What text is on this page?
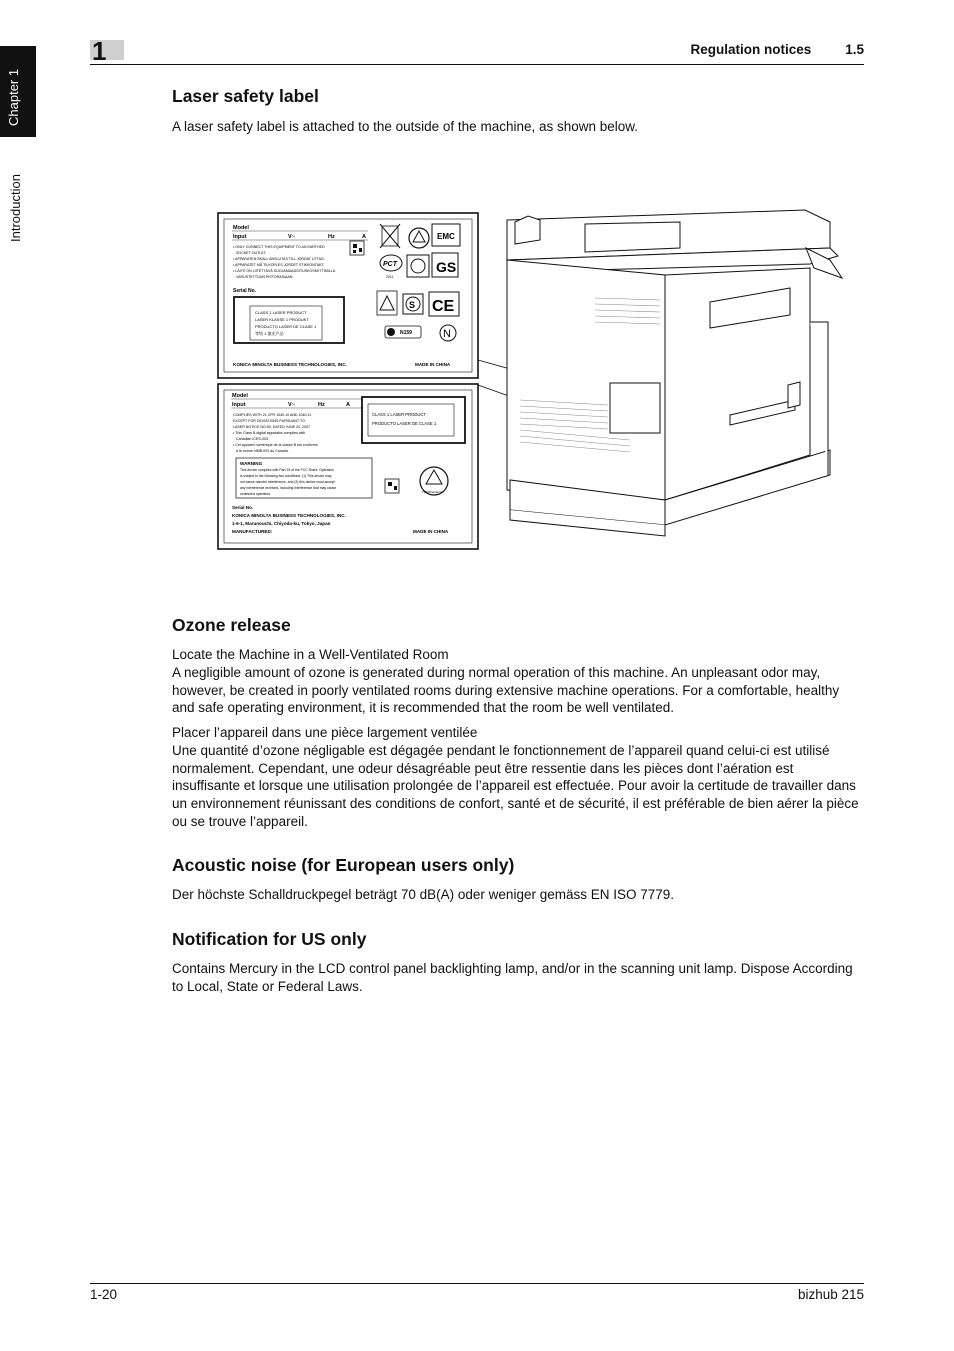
Chapter 1
Introduction
1	Regulation notices	1.5
Laser safety label

A laser safety label is attached to the outside of the machine, as shown below.

Model
Input	V~	Hz	A
• ONLY CONNECT THIS EQUIPMENT TO AN EARTHED
SOCKET OUTLET.
• APPARATEN SKALL ANSLUTAS TILL JORDAT UTTAG.
• APPARATET MÅ TILKOPLES JORDET STIKKONTAKT.
• LAITE ON LIITETTÄVÄ SUOJAMAADOITUSKOSKETTIMILLA
VARUSTETTUUN PISTORASIAAN.
Serial No.
CLASS 1 LASER PRODUCT
LASER KLASSE 1 PRODUKT
PRODUCTO LASER DE CLASE 1
等级 1 激光产品
KONICA MINOLTA BUSINESS TECHNOLOGIES, INC.	MADE IN CHINA
EMC
PCT
2011
GS
S CE
N159	N
Model
Input	V~	Hz	A
COMPLIES WITH 21 CFR 1040.10 AND 1040.11
EXCEPT FOR DEVIATIONS PURSUANT TO
LASER NOTICE NO.50, DATED JUNE 24, 2007
• This Class B digital apparatus complies with
Canadian ICES-003.
• Cet appareil numérique de la classe B est conforme
à la norme NMB-003 du Canada.
CLASS 1 LASER PRODUCT
PRODUCTO LASER DE CLASE 1
WARNING
This device complies with Part 15 of the FCC Rules. Operation
is subject to the following two conditions: (1) This device may
not cause harmful interference, and (2) this device must accept
any interference received, including interference that may cause
undesired operation.	TÜVRheinland
Serial No.
KONICA MINOLTA BUSINESS TECHNOLOGIES, INC.
1-6-1, Marunouchi, Chiyoda-ku, Tokyo, Japan
MANUFACTURED:	MADE IN CHINA
Ozone release

Locate the Machine in a Well-Ventilated Room

A negligible amount of ozone is generated during normal operation of this machine. An unpleasant odor may, however, be created in poorly ventilated rooms during extensive machine operations. For a comfortable, healthy and safe operating environment, it is recommended that the room be well ventilated.

Placer l’appareil dans une pièce largement ventilée

Une quantité d’ozone négligable est dégagée pendant le fonctionnement de l’appareil quand celui-ci est utilisé normalement. Cependant, une odeur désagréable peut être ressentie dans les pièces dont l’aération est insuffisante et lorsque une utilisation prolongée de l’appareil est effectuée. Pour avoir la certitude de travailler dans un environnement réunissant des conditions de confort, santé et de sécurité, il est préférable de bien aérer la pièce ou se trouve l’appareil.

Acoustic noise (for European users only)

Der höchste Schalldruckpegel beträgt 70 dB(A) oder weniger gemäss EN ISO 7779.

Notification for US only

Contains Mercury in the LCD control panel backlighting lamp, and/or in the scanning unit lamp. Dispose According to Local, State or Federal Laws.

1-20	bizhub 215
